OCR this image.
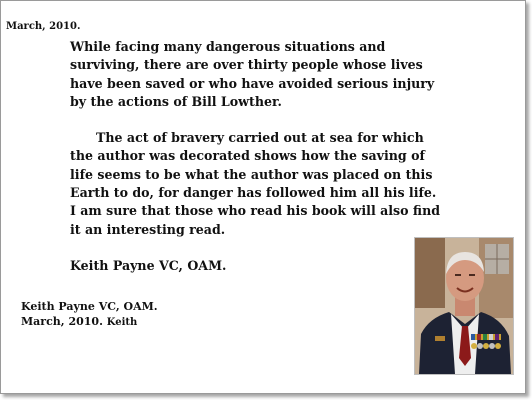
March, 2010.

While facing many dangerous situations and surviving, there are over thirty people whose lives have been saved or who have avoided serious injury by the actions of Bill Lowther.

The act of bravery carried out at sea for which the author was decorated shows how the saving of life seems to be what the author was placed on this Earth to do, for danger has followed him all his life. I am sure that those who read his book will also find it an interesting read.

Keith Payne VC, OAM.

Keith Payne VC, OAM.
March, 2010. Keith
